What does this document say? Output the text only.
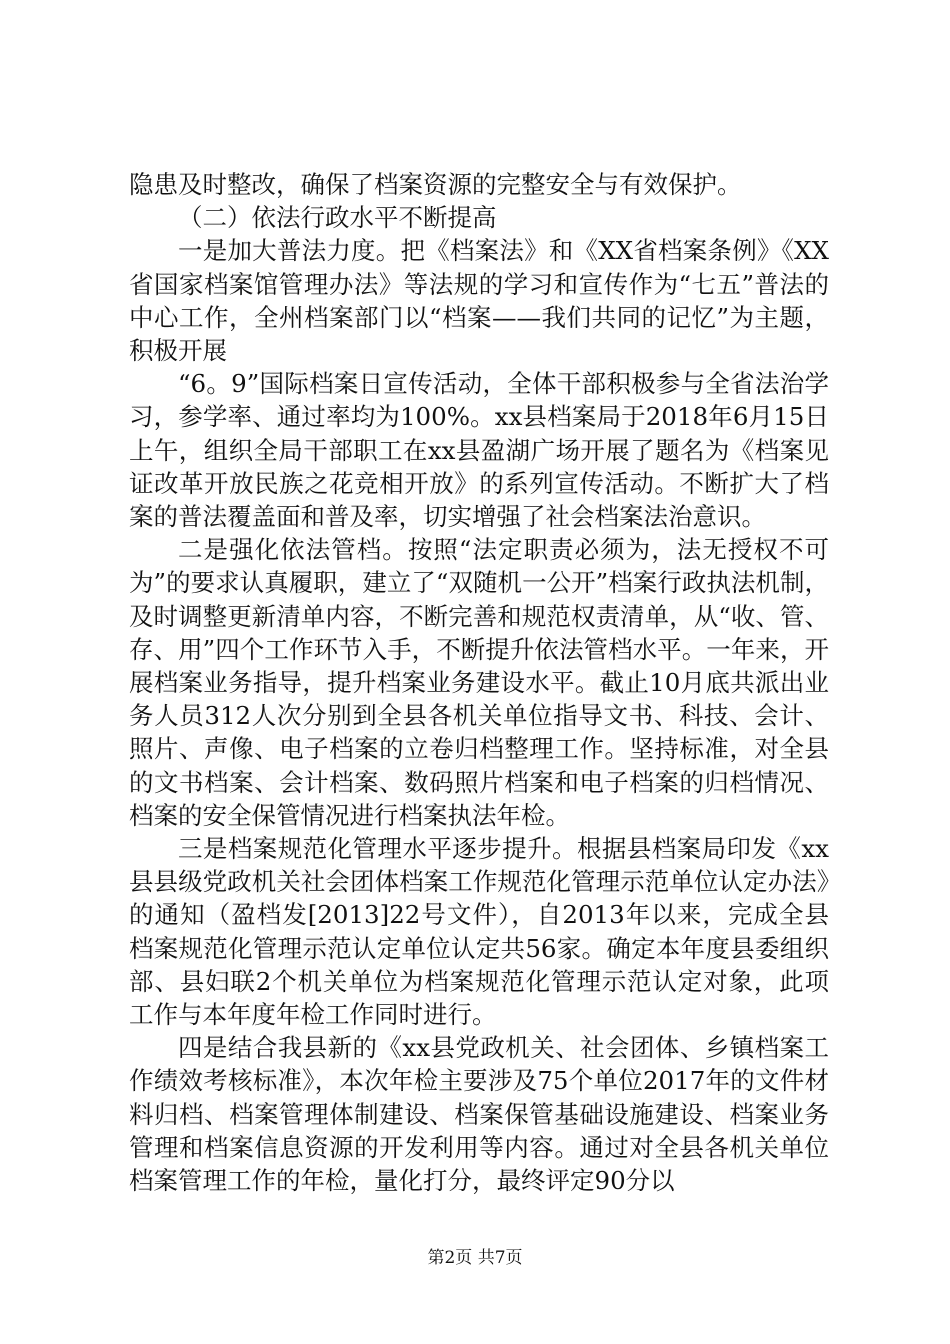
隐患及时整改，确保了档案资源的完整安全与有效保护。

（二）依法行政水平不断提高

一是加大普法力度。把《档案法》和《XX省档案条例》《XX省国家档案馆管理办法》等法规的学习和宣传作为“七五”普法的中心工作，全州档案部门以“档案——我们共同的记忆”为主题，积极开展

“6。9”国际档案日宣传活动，全体干部积极参与全省法治学习，参学率、通过率均为100%。xx县档案局于2018年6月15日上午，组织全局干部职工在xx县盈湖广场开展了题名为《档案见证改革开放民族之花竞相开放》的系列宣传活动。不断扩大了档案的普法覆盖面和普及率，切实增强了社会档案法治意识。

二是强化依法管档。按照“法定职责必须为，法无授权不可为”的要求认真履职，建立了“双随机一公开”档案行政执法机制，及时调整更新清单内容，不断完善和规范权责清单，从“收、管、存、用”四个工作环节入手，不断提升依法管档水平。一年来，开展档案业务指导，提升档案业务建设水平。截止10月底共派出业务人员312人次分别到全县各机关单位指导文书、科技、会计、照片、声像、电子档案的立卷归档整理工作。坚持标准，对全县的文书档案、会计档案、数码照片档案和电子档案的归档情况、档案的安全保管情况进行档案执法年检。

三是档案规范化管理水平逐步提升。根据县档案局印发《xx县县级党政机关社会团体档案工作规范化管理示范单位认定办法》的通知（盈档发[2013]22号文件），自2013年以来，完成全县档案规范化管理示范认定单位认定共56家。确定本年度县委组织部、县妇联2个机关单位为档案规范化管理示范认定对象，此项工作与本年度年检工作同时进行。

四是结合我县新的《xx县党政机关、社会团体、乡镇档案工作绩效考核标准》，本次年检主要涉及75个单位2017年的文件材料归档、档案管理体制建设、档案保管基础设施建设、档案业务管理和档案信息资源的开发利用等内容。通过对全县各机关单位档案管理工作的年检，量化打分，最终评定90分以

第2页 共7页
